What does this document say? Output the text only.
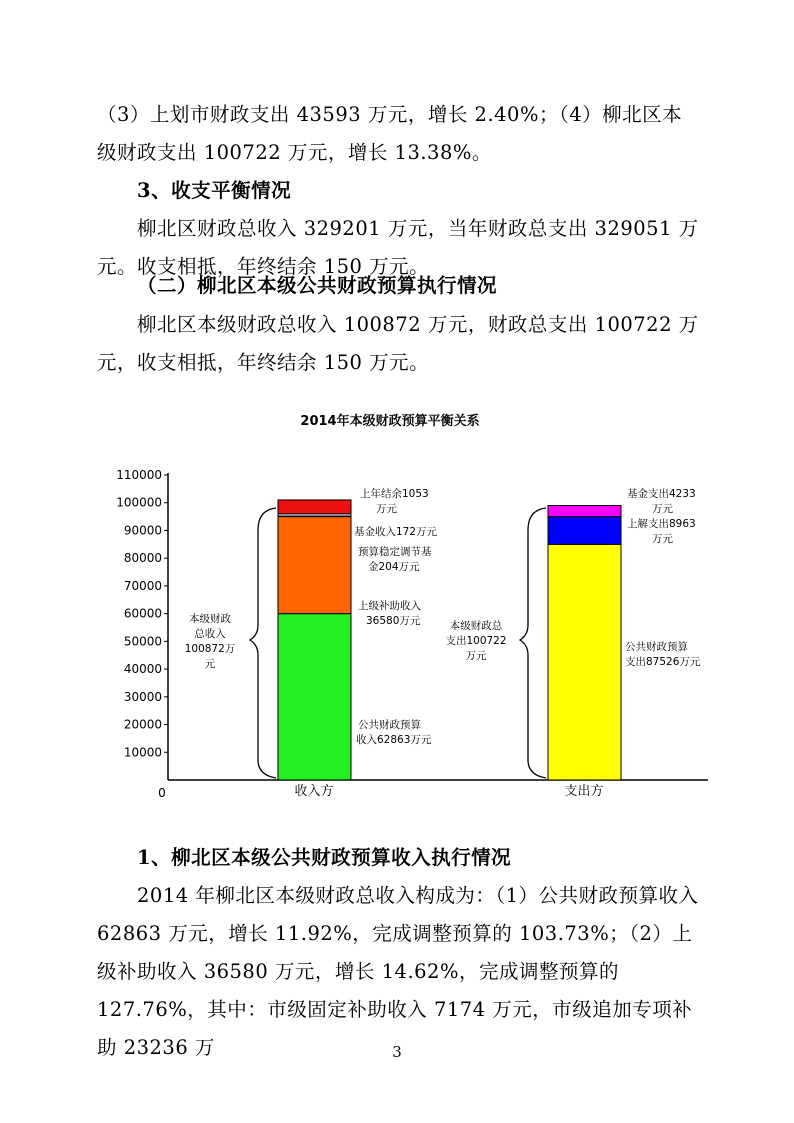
（3）上划市财政支出 43593 万元，增长 2.40%；（4）柳北区本级财政支出 100722 万元，增长 13.38%。

3、收支平衡情况

柳北区财政总收入 329201 万元，当年财政总支出 329051 万元。收支相抵，年终结余 150 万元。

（二）柳北区本级公共财政预算执行情况

柳北区本级财政总收入 100872 万元，财政总支出 100722 万元，收支相抵，年终结余 150 万元。

2014年本级财政预算平衡关系
0
10000
20000
30000
40000
50000
60000
70000
80000
90000
100000
110000
收入方	支出方
上年结余1053
万元
基金收入172万元
预算稳定调节基
金204万元
上级补助收入
36580万元
公共财政预算
收入62863万元
本级财政
总收入
100872万
元
基金支出4233
万元
上解支出8963
万元
公共财政预算
支出87526万元
本级财政总
支出100722
万元

1、柳北区本级公共财政预算收入执行情况

2014 年柳北区本级财政总收入构成为：（1）公共财政预算收入 62863 万元，增长 11.92%，完成调整预算的 103.73%；（2）上级补助收入 36580 万元，增长 14.62%，完成调整预算的 127.76%，其中：市级固定补助收入 7174 万元，市级追加专项补助 23236 万	3
